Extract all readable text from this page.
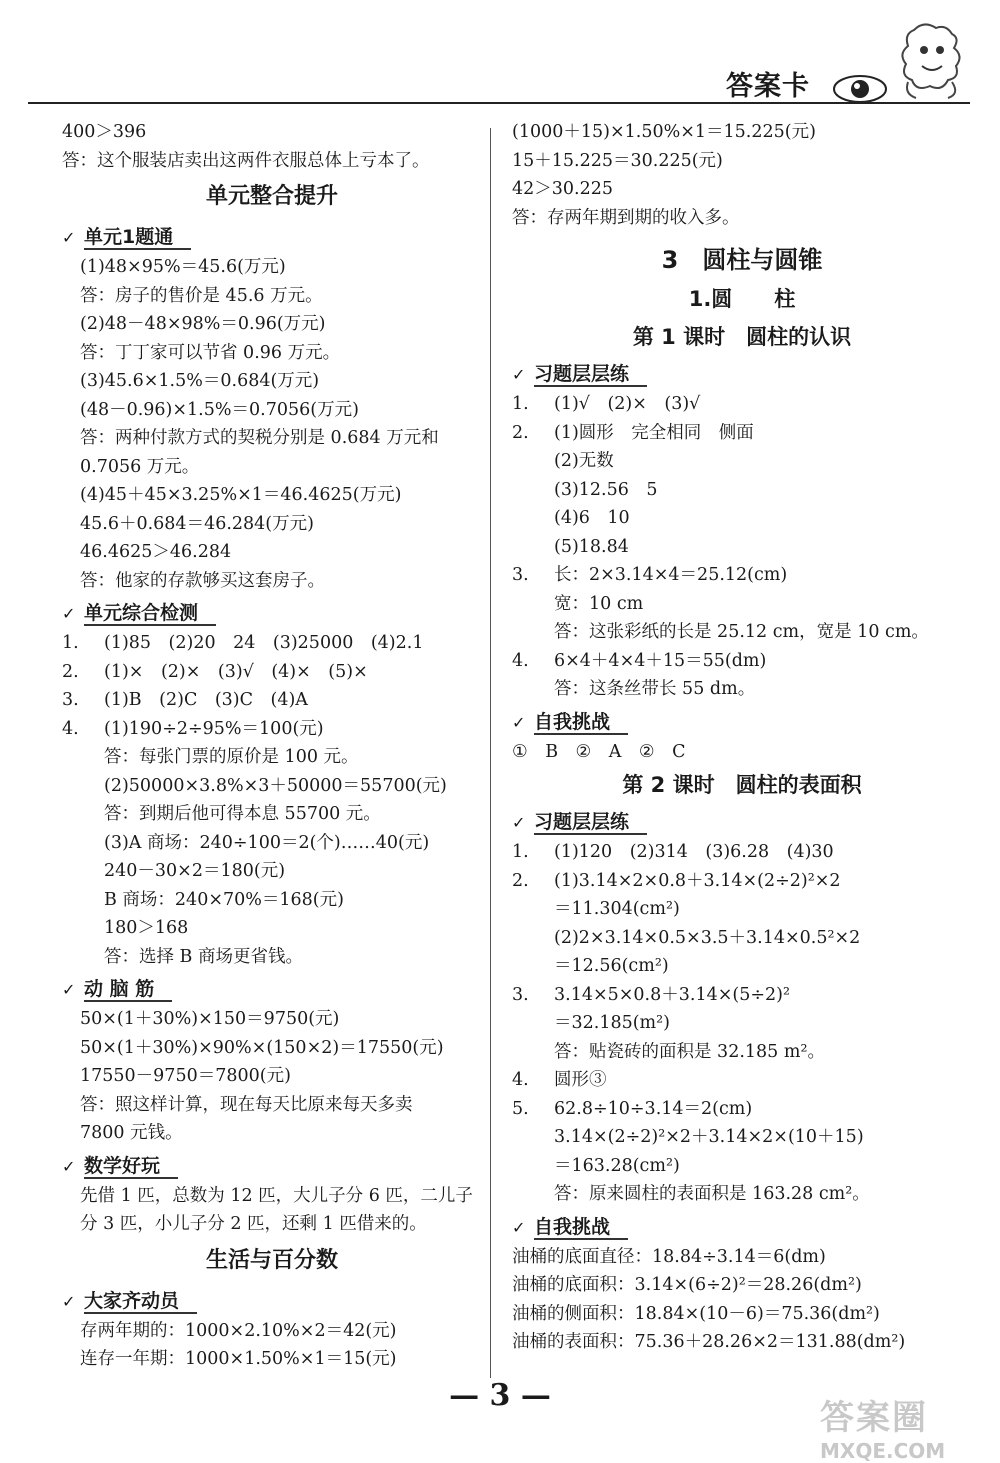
答案卡
400＞396
答：这个服装店卖出这两件衣服总体上亏本了。
单元整合提升
✓ 单元1题通
(1)48×95%＝45.6(万元)
答：房子的售价是 45.6 万元。
(2)48－48×98%＝0.96(万元)
答：丁丁家可以节省 0.96 万元。
(3)45.6×1.5%＝0.684(万元)
(48－0.96)×1.5%＝0.7056(万元)
答：两种付款方式的契税分别是 0.684 万元和
0.7056 万元。
(4)45＋45×3.25%×1＝46.4625(万元)
45.6＋0.684＝46.284(万元)
46.4625＞46.284
答：他家的存款够买这套房子。
✓ 单元综合检测
1. (1)85　(2)20　24　(3)25000　(4)2.1
2. (1)×　(2)×　(3)√　(4)×　(5)×
3. (1)B　(2)C　(3)C　(4)A
4. (1)190÷2÷95%＝100(元)
答：每张门票的原价是 100 元。
(2)50000×3.8%×3＋50000＝55700(元)
答：到期后他可得本息 55700 元。
(3)A 商场：240÷100＝2(个)……40(元)
240－30×2＝180(元)
B 商场：240×70%＝168(元)
180＞168
答：选择 B 商场更省钱。
✓ 动 脑 筋
50×(1＋30%)×150＝9750(元)
50×(1＋30%)×90%×(150×2)＝17550(元)
17550－9750＝7800(元)
答：照这样计算，现在每天比原来每天多卖
7800 元钱。
✓ 数学好玩
先借 1 匹，总数为 12 匹，大儿子分 6 匹，二儿子
分 3 匹，小儿子分 2 匹，还剩 1 匹借来的。
生活与百分数
✓ 大家齐动员
存两年期的：1000×2.10%×2＝42(元)
连存一年期：1000×1.50%×1＝15(元)
(1000＋15)×1.50%×1＝15.225(元)
15＋15.225＝30.225(元)
42＞30.225
答：存两年期到期的收入多。
3　圆柱与圆锥
1.圆　　柱
第 1 课时　圆柱的认识
✓ 习题层层练
1. (1)√　(2)×　(3)√
2. (1)圆形　完全相同　侧面
(2)无数
(3)12.56　5
(4)6　10
(5)18.84
3. 长：2×3.14×4＝25.12(cm)
宽：10 cm
答：这张彩纸的长是 25.12 cm，宽是 10 cm。
4. 6×4＋4×4＋15＝55(dm)
答：这条丝带长 55 dm。
✓ 自我挑战
①　B　②　A　②　C
第 2 课时　圆柱的表面积
✓ 习题层层练
1. (1)120　(2)314　(3)6.28　(4)30
2. (1)3.14×2×0.8＋3.14×(2÷2)²×2
＝11.304(cm²)
(2)2×3.14×0.5×3.5＋3.14×0.5²×2
＝12.56(cm²)
3. 3.14×5×0.8＋3.14×(5÷2)²
＝32.185(m²)
答：贴瓷砖的面积是 32.185 m²。
4. 圆形③
5. 62.8÷10÷3.14＝2(cm)
3.14×(2÷2)²×2＋3.14×2×(10＋15)
＝163.28(cm²)
答：原来圆柱的表面积是 163.28 cm²。
✓ 自我挑战
油桶的底面直径：18.84÷3.14＝6(dm)
油桶的底面积：3.14×(6÷2)²＝28.26(dm²)
油桶的侧面积：18.84×(10－6)＝75.36(dm²)
油桶的表面积：75.36＋28.26×2＝131.88(dm²)
— 3 —
答案圈
MXQE.COM
